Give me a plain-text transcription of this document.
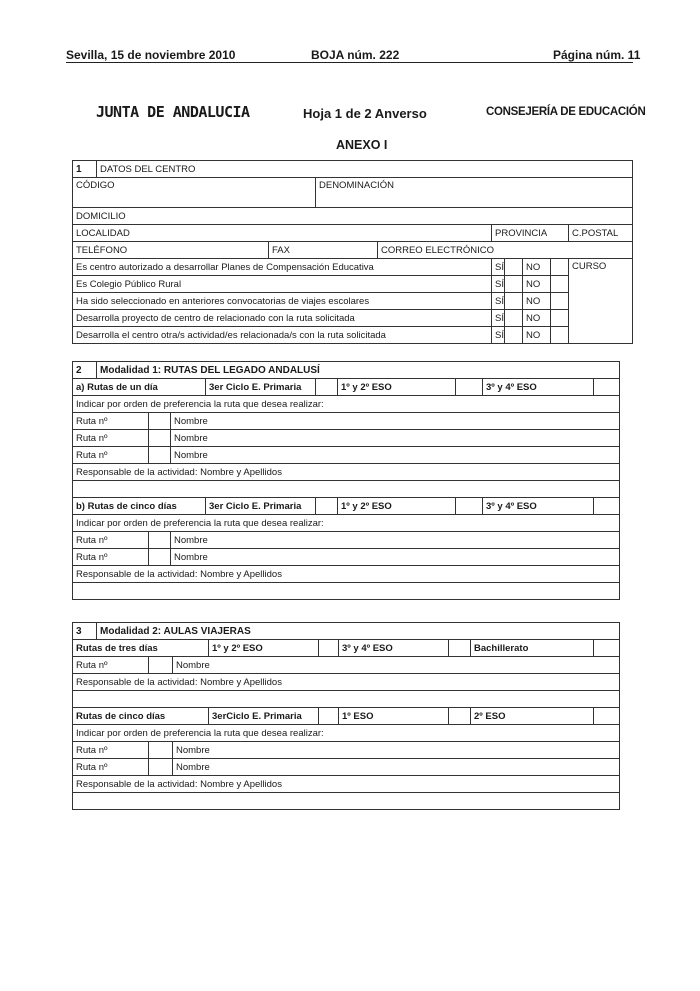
Sevilla, 15 de noviembre 2010	BOJA núm. 222	Página núm. 11
JUNTA DE ANDALUCIA	Hoja 1 de 2 Anverso	CONSEJERÍA DE EDUCACIÓN
ANEXO I
1	DATOS DEL CENTRO								
CÓDIGO			DENOMINACIÓN						
DOMICILIO									
LOCALIDAD					PROVINCIA				C.POSTAL
TELÉFONO		FAX		CORREO ELECTRÓNICO					
Es centro autorizado a desarrollar Planes de Compensación Educativa					SÍ		NO		CURSO
Es Colegio Público Rural					SÍ		NO		
Ha sido seleccionado en anteriores convocatorias de viajes escolares					SÍ		NO		
Desarrolla proyecto de centro de relacionado con la ruta solicitada					SÍ		NO		
Desarrolla el centro otra/s actividad/es relacionada/s con la ruta solicitada					SÍ		NO		
2	Modalidad 1: RUTAS DEL LEGADO ANDALUSÍ								
a) Rutas de un día				3er Ciclo E. Primaria		1º y 2º ESO		3º y 4º ESO	
Indicar por orden de preferencia la ruta que desea realizar:									
Ruta nº			Nombre						
Ruta nº			Nombre						
Ruta nº			Nombre						
Responsable de la actividad: Nombre y Apellidos									

b) Rutas de cinco días				3er Ciclo E. Primaria		1º y 2º ESO		3º y 4º ESO	
Indicar por orden de preferencia la ruta que desea realizar:									
Ruta nº			Nombre						
Ruta nº			Nombre						
Responsable de la actividad: Nombre y Apellidos									

3	Modalidad 2: AULAS VIAJERAS								
Rutas de tres días				1º y 2º ESO		3º y 4º ESO		Bachillerato	
Ruta nº			Nombre						
Responsable de la actividad: Nombre y Apellidos									

Rutas de cinco días				3erCiclo E. Primaria		1º ESO		2º ESO	
Indicar por orden de preferencia la ruta que desea realizar:									
Ruta nº			Nombre						
Ruta nº			Nombre						
Responsable de la actividad: Nombre y Apellidos									
